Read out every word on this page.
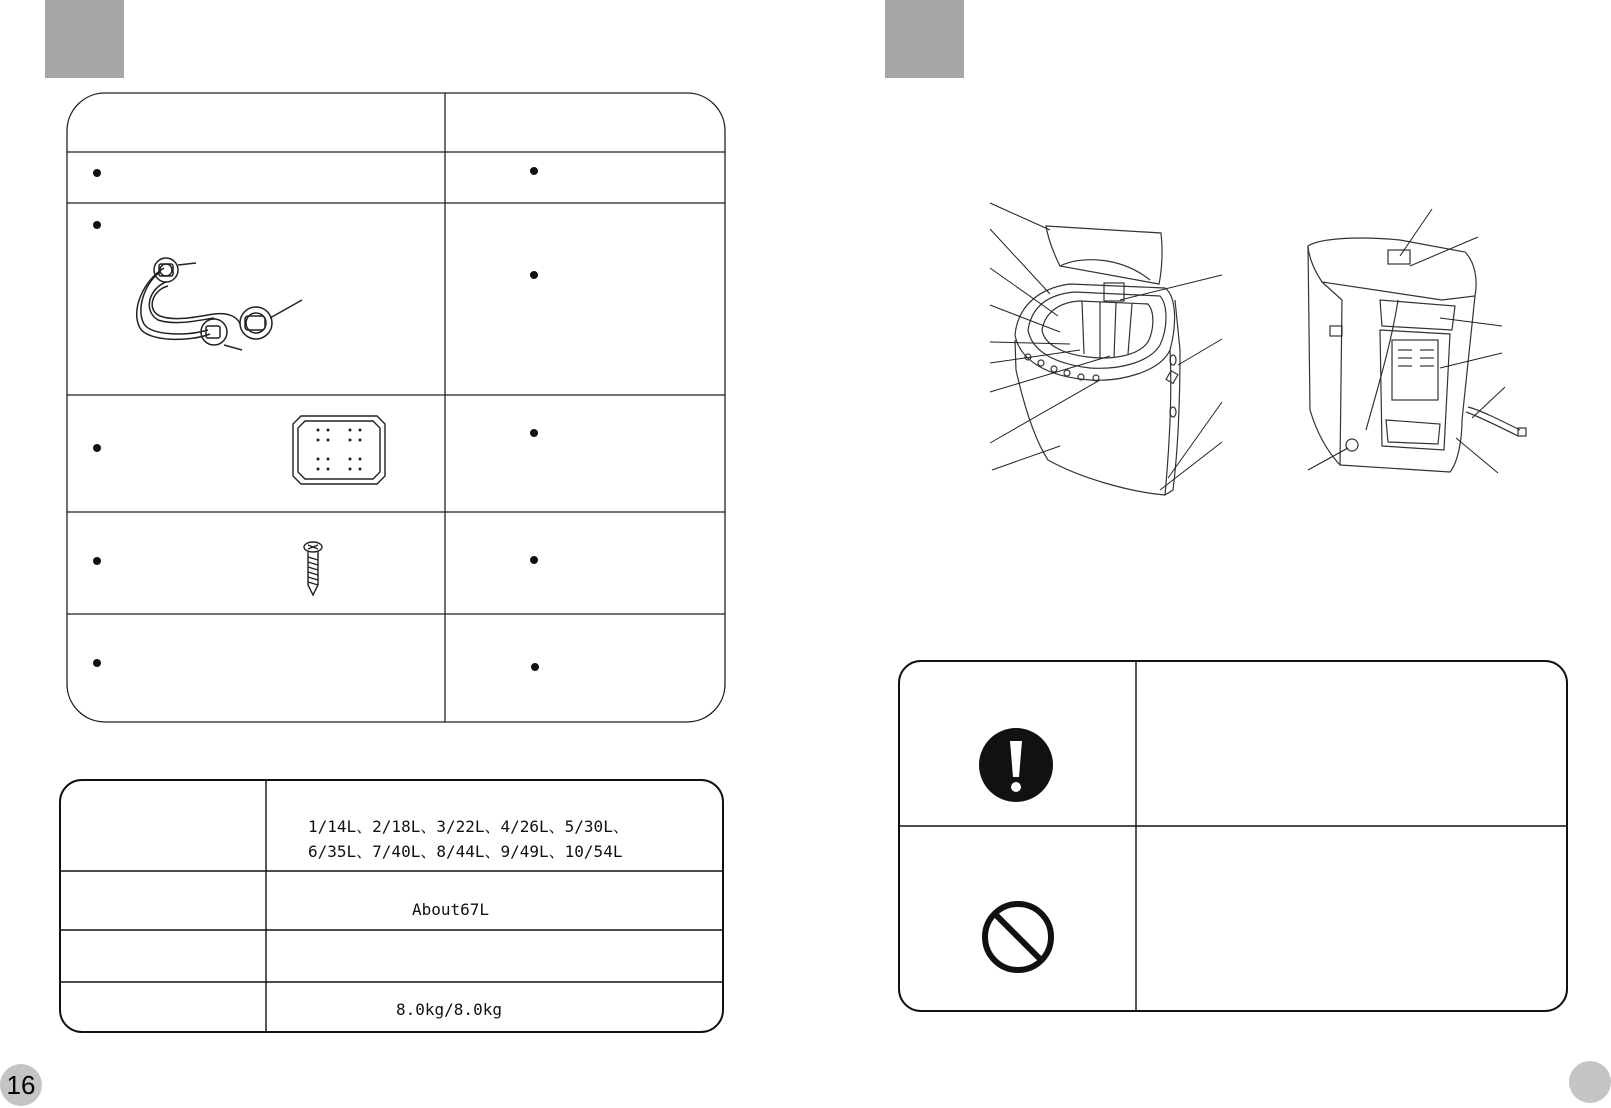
1/14L、2/18L、3/22L、4/26L、5/30L、
6/35L、7/40L、8/44L、9/49L、10/54L
About67L
8.0kg/8.0kg
16
